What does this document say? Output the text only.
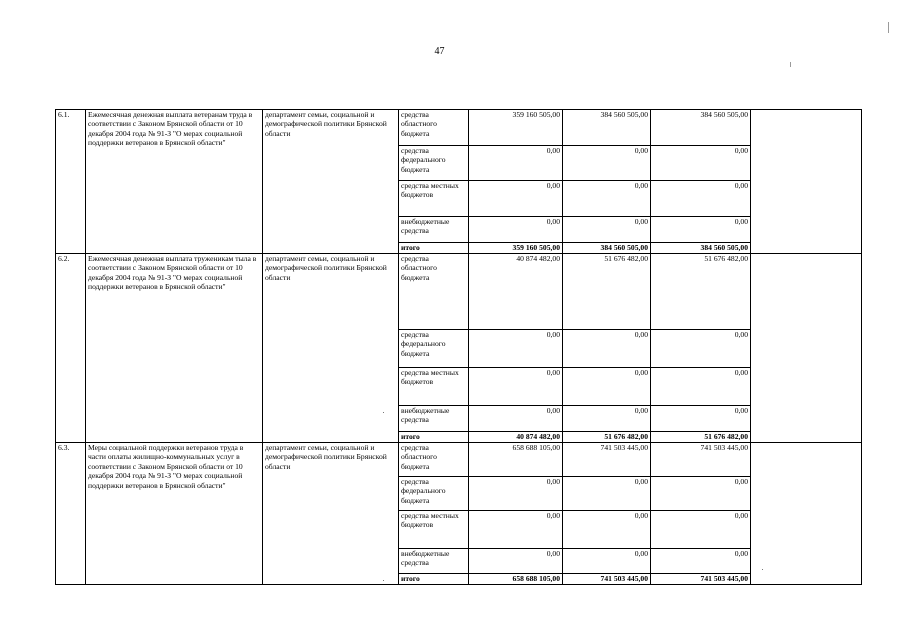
47
6.1.	Ежемесячная денежная выплата ветеранам труда в соответствии с Законом Брянской области от 10 декабря 2004 года № 91-З "О мерах социальной поддержки ветеранов в Брянской области"	департамент семьи, социальной и демографической политики Брянской области	средства областного бюджета	359 160 505,00	384 560 505,00	384 560 505,00	
			средства федерального бюджета	0,00	0,00	0,00	
			средства местных бюджетов	0,00	0,00	0,00	
			внебюджетные средства	0,00	0,00	0,00	
			итого	359 160 505,00	384 560 505,00	384 560 505,00	
6.2.	Ежемесячная денежная выплата труженикам тыла в соответствии с Законом Брянской области от 10 декабря 2004 года № 91-З "О мерах социальной поддержки ветеранов в Брянской области"	департамент семьи, социальной и демографической политики Брянской области	средства областного бюджета	40 874 482,00	51 676 482,00	51 676 482,00	
			средства федерального бюджета	0,00	0,00	0,00	
			средства местных бюджетов	0,00	0,00	0,00	
			внебюджетные средства	0,00	0,00	0,00	
			итого	40 874 482,00	51 676 482,00	51 676 482,00	
6.3.	Меры социальной поддержки ветеранов труда в части оплаты жилищно-коммунальных услуг в соответствии с Законом Брянской области от 10 декабря 2004 года № 91-З "О мерах социальной поддержки ветеранов в Брянской области"	департамент семьи, социальной и демографической политики Брянской области	средства областного бюджета	658 688 105,00	741 503 445,00	741 503 445,00	
			средства федерального бюджета	0,00	0,00	0,00	
			средства местных бюджетов	0,00	0,00	0,00	
			внебюджетные средства	0,00	0,00	0,00	
			итого	658 688 105,00	741 503 445,00	741 503 445,00	
